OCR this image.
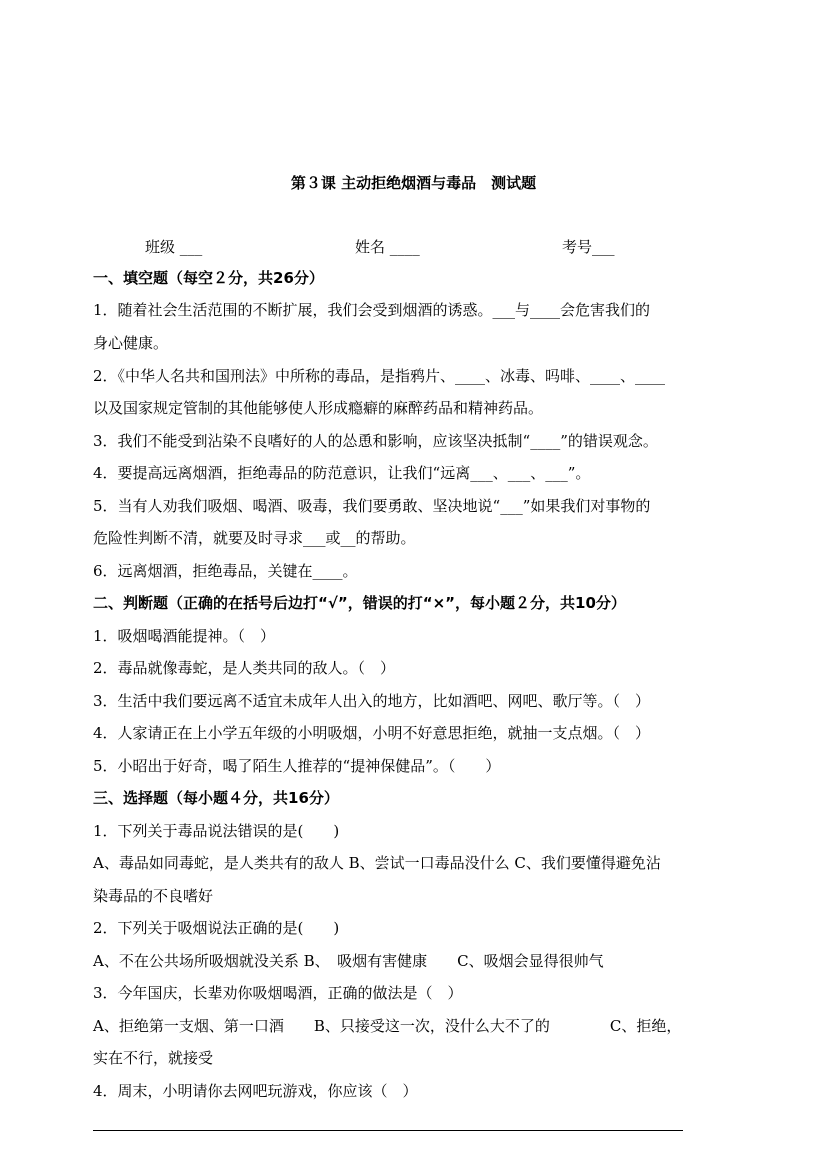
第３课 主动拒绝烟酒与毒品　测试题
班级 ___	姓名 ____	考号___
一、填空题（每空２分，共26分）
1．随着社会生活范围的不断扩展，我们会受到烟酒的诱惑。___与____会危害我们的
身心健康。
2．《中华人名共和国刑法》中所称的毒品，是指鸦片、____、冰毒、吗啡、____、____
以及国家规定管制的其他能够使人形成瘾癖的麻醉药品和精神药品。
3．我们不能受到沾染不良嗜好的人的怂恿和影响，应该坚决抵制“____”的错误观念。
4．要提高远离烟酒，拒绝毒品的防范意识，让我们“远离___、___、___”。
5．当有人劝我们吸烟、喝酒、吸毒，我们要勇敢、坚决地说“___”如果我们对事物的
危险性判断不清，就要及时寻求___或__的帮助。
6．远离烟酒，拒绝毒品，关键在____。
二、判断题（正确的在括号后边打“√”，错误的打“×”，每小题２分，共10分）
1．吸烟喝酒能提神。（　）
2．毒品就像毒蛇，是人类共同的敌人。（　）
3．生活中我们要远离不适宜未成年人出入的地方，比如酒吧、网吧、歌厅等。（　）
4．人家请正在上小学五年级的小明吸烟，小明不好意思拒绝，就抽一支点烟。（　）
5．小昭出于好奇，喝了陌生人推荐的“提神保健品”。（　　）
三、选择题（每小题４分，共16分）
1．下列关于毒品说法错误的是(　　)
A、毒品如同毒蛇，是人类共有的敌人 B、尝试一口毒品没什么 C、我们要懂得避免沾
染毒品的不良嗜好
2．下列关于吸烟说法正确的是(　　)
A、不在公共场所吸烟就没关系 B、　吸烟有害健康　　C、吸烟会显得很帅气
3．今年国庆，长辈劝你吸烟喝酒，正确的做法是（　）
A、拒绝第一支烟、第一口酒　　B、只接受这一次，没什么大不了的　　　　C、拒绝，
实在不行，就接受
4．周末，小明请你去网吧玩游戏，你应该（　）
